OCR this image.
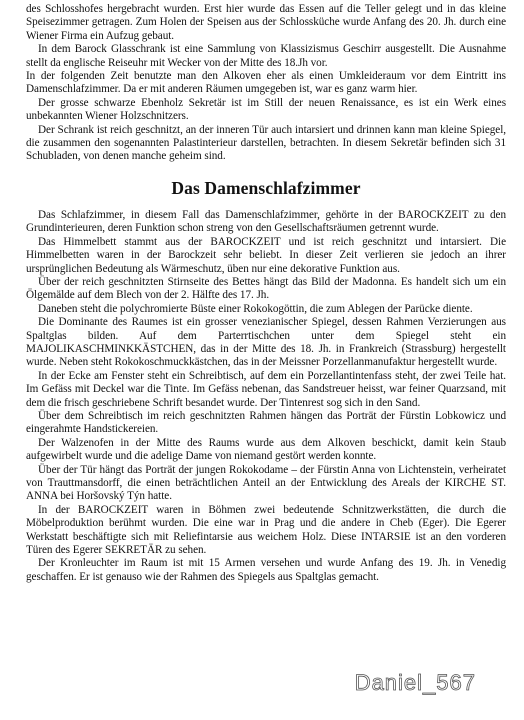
des Schlosshofes hergebracht wurden. Erst hier wurde das Essen auf die Teller gelegt und in das kleine Speisezimmer getragen. Zum Holen der Speisen aus der Schlossküche wurde Anfang des 20. Jh. durch eine Wiener Firma ein Aufzug gebaut.

In dem Barock Glasschrank ist eine Sammlung von Klassizismus Geschirr ausgestellt. Die Ausnahme stellt da englische Reiseuhr mit Wecker von der Mitte des 18.Jh vor.

In der folgenden Zeit benutzte man den Alkoven eher als einen Umkleideraum vor dem Eintritt ins Damenschlafzimmer. Da er mit anderen Räumen umgegeben ist, war es ganz warm hier.

Der grosse schwarze Ebenholz Sekretär ist im Still der neuen Renaissance, es ist ein Werk eines unbekannten Wiener Holzschnitzers.

Der Schrank ist reich geschnitzt, an der inneren Tür auch intarsiert und drinnen kann man kleine Spiegel, die zusammen den sogenannten Palastinterieur darstellen, betrachten. In diesem Sekretär befinden sich 31 Schubladen, von denen manche geheim sind.

Das Damenschlafzimmer

Das Schlafzimmer, in diesem Fall das Damenschlafzimmer, gehörte in der BAROCKZEIT zu den Grundinterieuren, deren Funktion schon streng von den Gesellschaftsräumen getrennt wurde.

Das Himmelbett stammt aus der BAROCKZEIT und ist reich geschnitzt und intarsiert. Die Himmelbetten waren in der Barockzeit sehr beliebt. In dieser Zeit verlieren sie jedoch an ihrer ursprünglichen Bedeutung als Wärmeschutz, üben nur eine dekorative Funktion aus.

Über der reich geschnitzten Stirnseite des Bettes hängt das Bild der Madonna. Es handelt sich um ein Ölgemälde auf dem Blech von der 2. Hälfte des 17. Jh.

Daneben steht die polychromierte Büste einer Rokokogöttin, die zum Ablegen der Parücke diente.

Die Dominante des Raumes ist ein grosser venezianischer Spiegel, dessen Rahmen Verzierungen aus Spaltglas bilden. Auf dem Parterrtischchen unter dem Spiegel steht ein MAJOLIKASCHMINKKÄSTCHEN, das in der Mitte des 18. Jh. in Frankreich (Strassburg) hergestellt wurde. Neben steht Rokokoschmuckkästchen, das in der Meissner Porzellanmanufaktur hergestellt wurde.

In der Ecke am Fenster steht ein Schreibtisch, auf dem ein Porzellantintenfass steht, der zwei Teile hat. Im Gefäss mit Deckel war die Tinte. Im Gefäss nebenan, das Sandstreuer heisst, war feiner Quarzsand, mit dem die frisch geschriebene Schrift besandet wurde. Der Tintenrest sog sich in den Sand.

Über dem Schreibtisch im reich geschnitzten Rahmen hängen das Porträt der Fürstin Lobkowicz und eingerahmte Handstickereien.

Der Walzenofen in der Mitte des Raums wurde aus dem Alkoven beschickt, damit kein Staub aufgewirbelt wurde und die adelige Dame von niemand gestört werden konnte.

Über der Tür hängt das Porträt der jungen Rokokodame – der Fürstin Anna von Lichtenstein, verheiratet von Trauttmansdorff, die einen beträchtlichen Anteil an der Entwicklung des Areals der KIRCHE ST. ANNA bei Horšovský Týn hatte.

In der BAROCKZEIT waren in Böhmen zwei bedeutende Schnitzwerkstätten, die durch die Möbelproduktion berühmt wurden. Die eine war in Prag und die andere in Cheb (Eger). Die Egerer Werkstatt beschäftigte sich mit Reliefintarsie aus weichem Holz. Diese INTARSIE ist an den vorderen Türen des Egerer SEKRETÄR zu sehen.

Der Kronleuchter im Raum ist mit 15 Armen versehen und wurde Anfang des 19. Jh. in Venedig geschaffen. Er ist genauso wie der Rahmen des Spiegels aus Spaltglas gemacht.

Daniel_567
